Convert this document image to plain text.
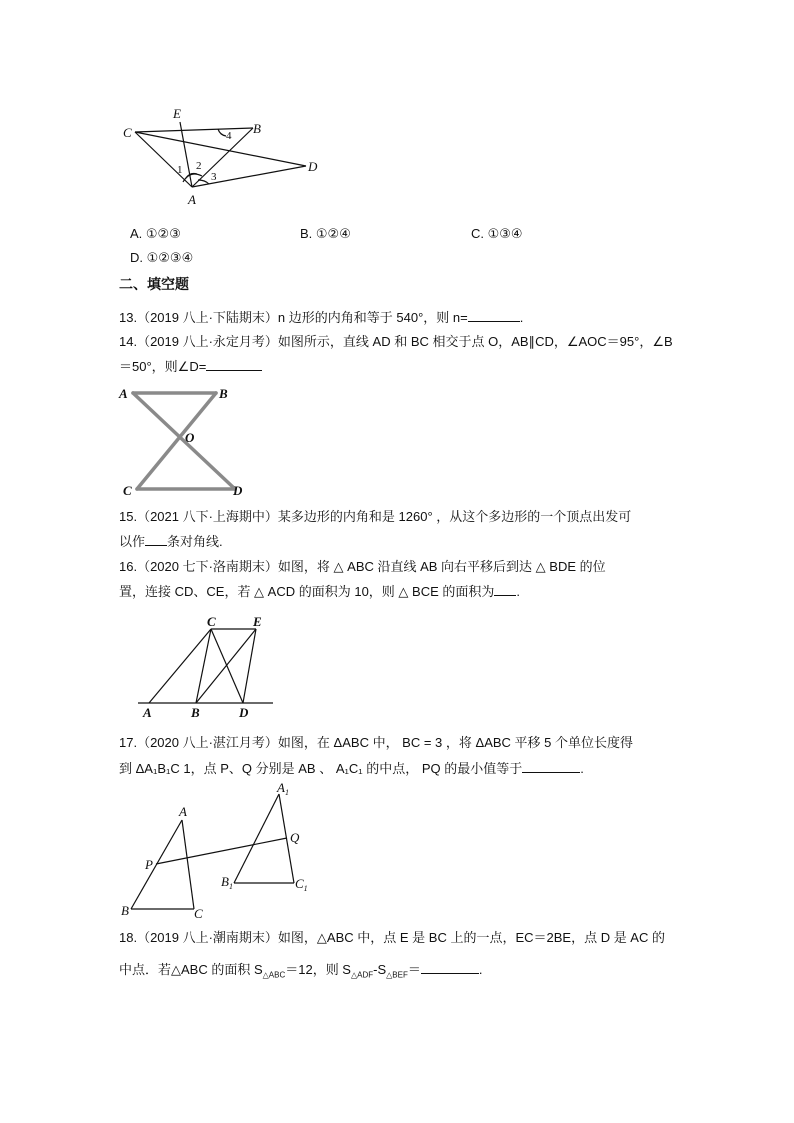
C
E
B
D
A
1 2
3
4
A. ①②③	B. ①②④	C. ①③④
D. ①②③④
二、填空题
13.（2019 八上·下陆期末）n 边形的内角和等于 540°，则 n=	.
14.（2019 八上·永定月考）如图所示，直线 AD 和 BC 相交于点 O，AB∥CD，∠AOC＝95°，∠B
＝50°，则∠D=
A	B
O
C	D
15.（2021 八下·上海期中）某多边形的内角和是 1260° ，从这个多边形的一个顶点出发可
以作 条对角线.
16.（2020 七下·洛南期末）如图，将 △ ABC 沿直线 AB 向右平移后到达 △ BDE 的位
置，连接 CD、CE，若 △ ACD 的面积为 10，则 △ BCE 的面积为 .
C	E
A	B	D
17.（2020 八上·湛江月考）如图，在 ΔABC 中， BC = 3 ，将 ΔABC 平移 5 个单位长度得
到 ΔA₁B₁C 1，点 P、Q 分别是 AB 、 A₁C₁ 的中点， PQ 的最小值等于	.
A
P
B	C
$A_1$
Q
$B_1$	$C_1$
18.（2019 八上·潮南期末）如图，△ABC 中，点 E 是 BC 上的一点，EC＝2BE，点 D 是 AC 的
中点．若△ABC 的面积 $S_{\triangle ABC}=12$，则 $S_{\triangle ADF}-S_{\triangle BEF}=$	.
